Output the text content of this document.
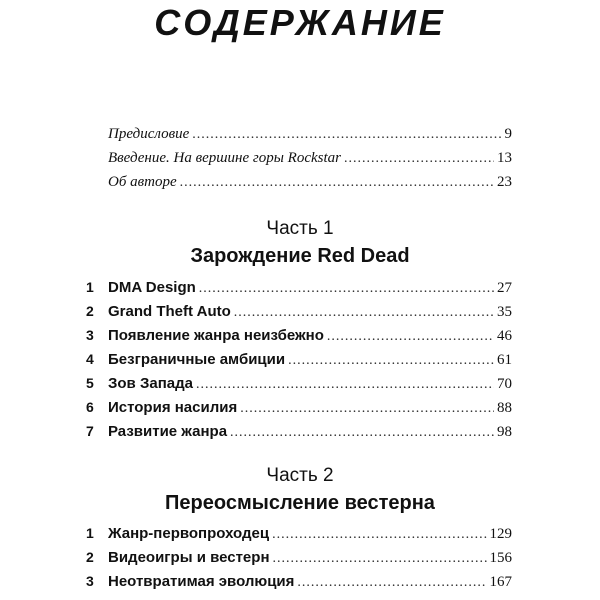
СОДЕРЖАНИЕ
Предисловие .....	9
Введение. На вершине горы Rockstar .....	13
Об авторе .....	23
Часть 1
Зарождение Red Dead
1 DMA Design .....	27
2 Grand Theft Auto .....	35
3 Появление жанра неизбежно .....	46
4 Безграничные амбиции .....	61
5 Зов Запада .....	70
6 История насилия .....	88
7 Развитие жанра .....	98
Часть 2
Переосмысление вестерна
1 Жанр-первопроходец .....	129
2 Видеоигры и вестерн .....	156
3 Неотвратимая эволюция .....	167
